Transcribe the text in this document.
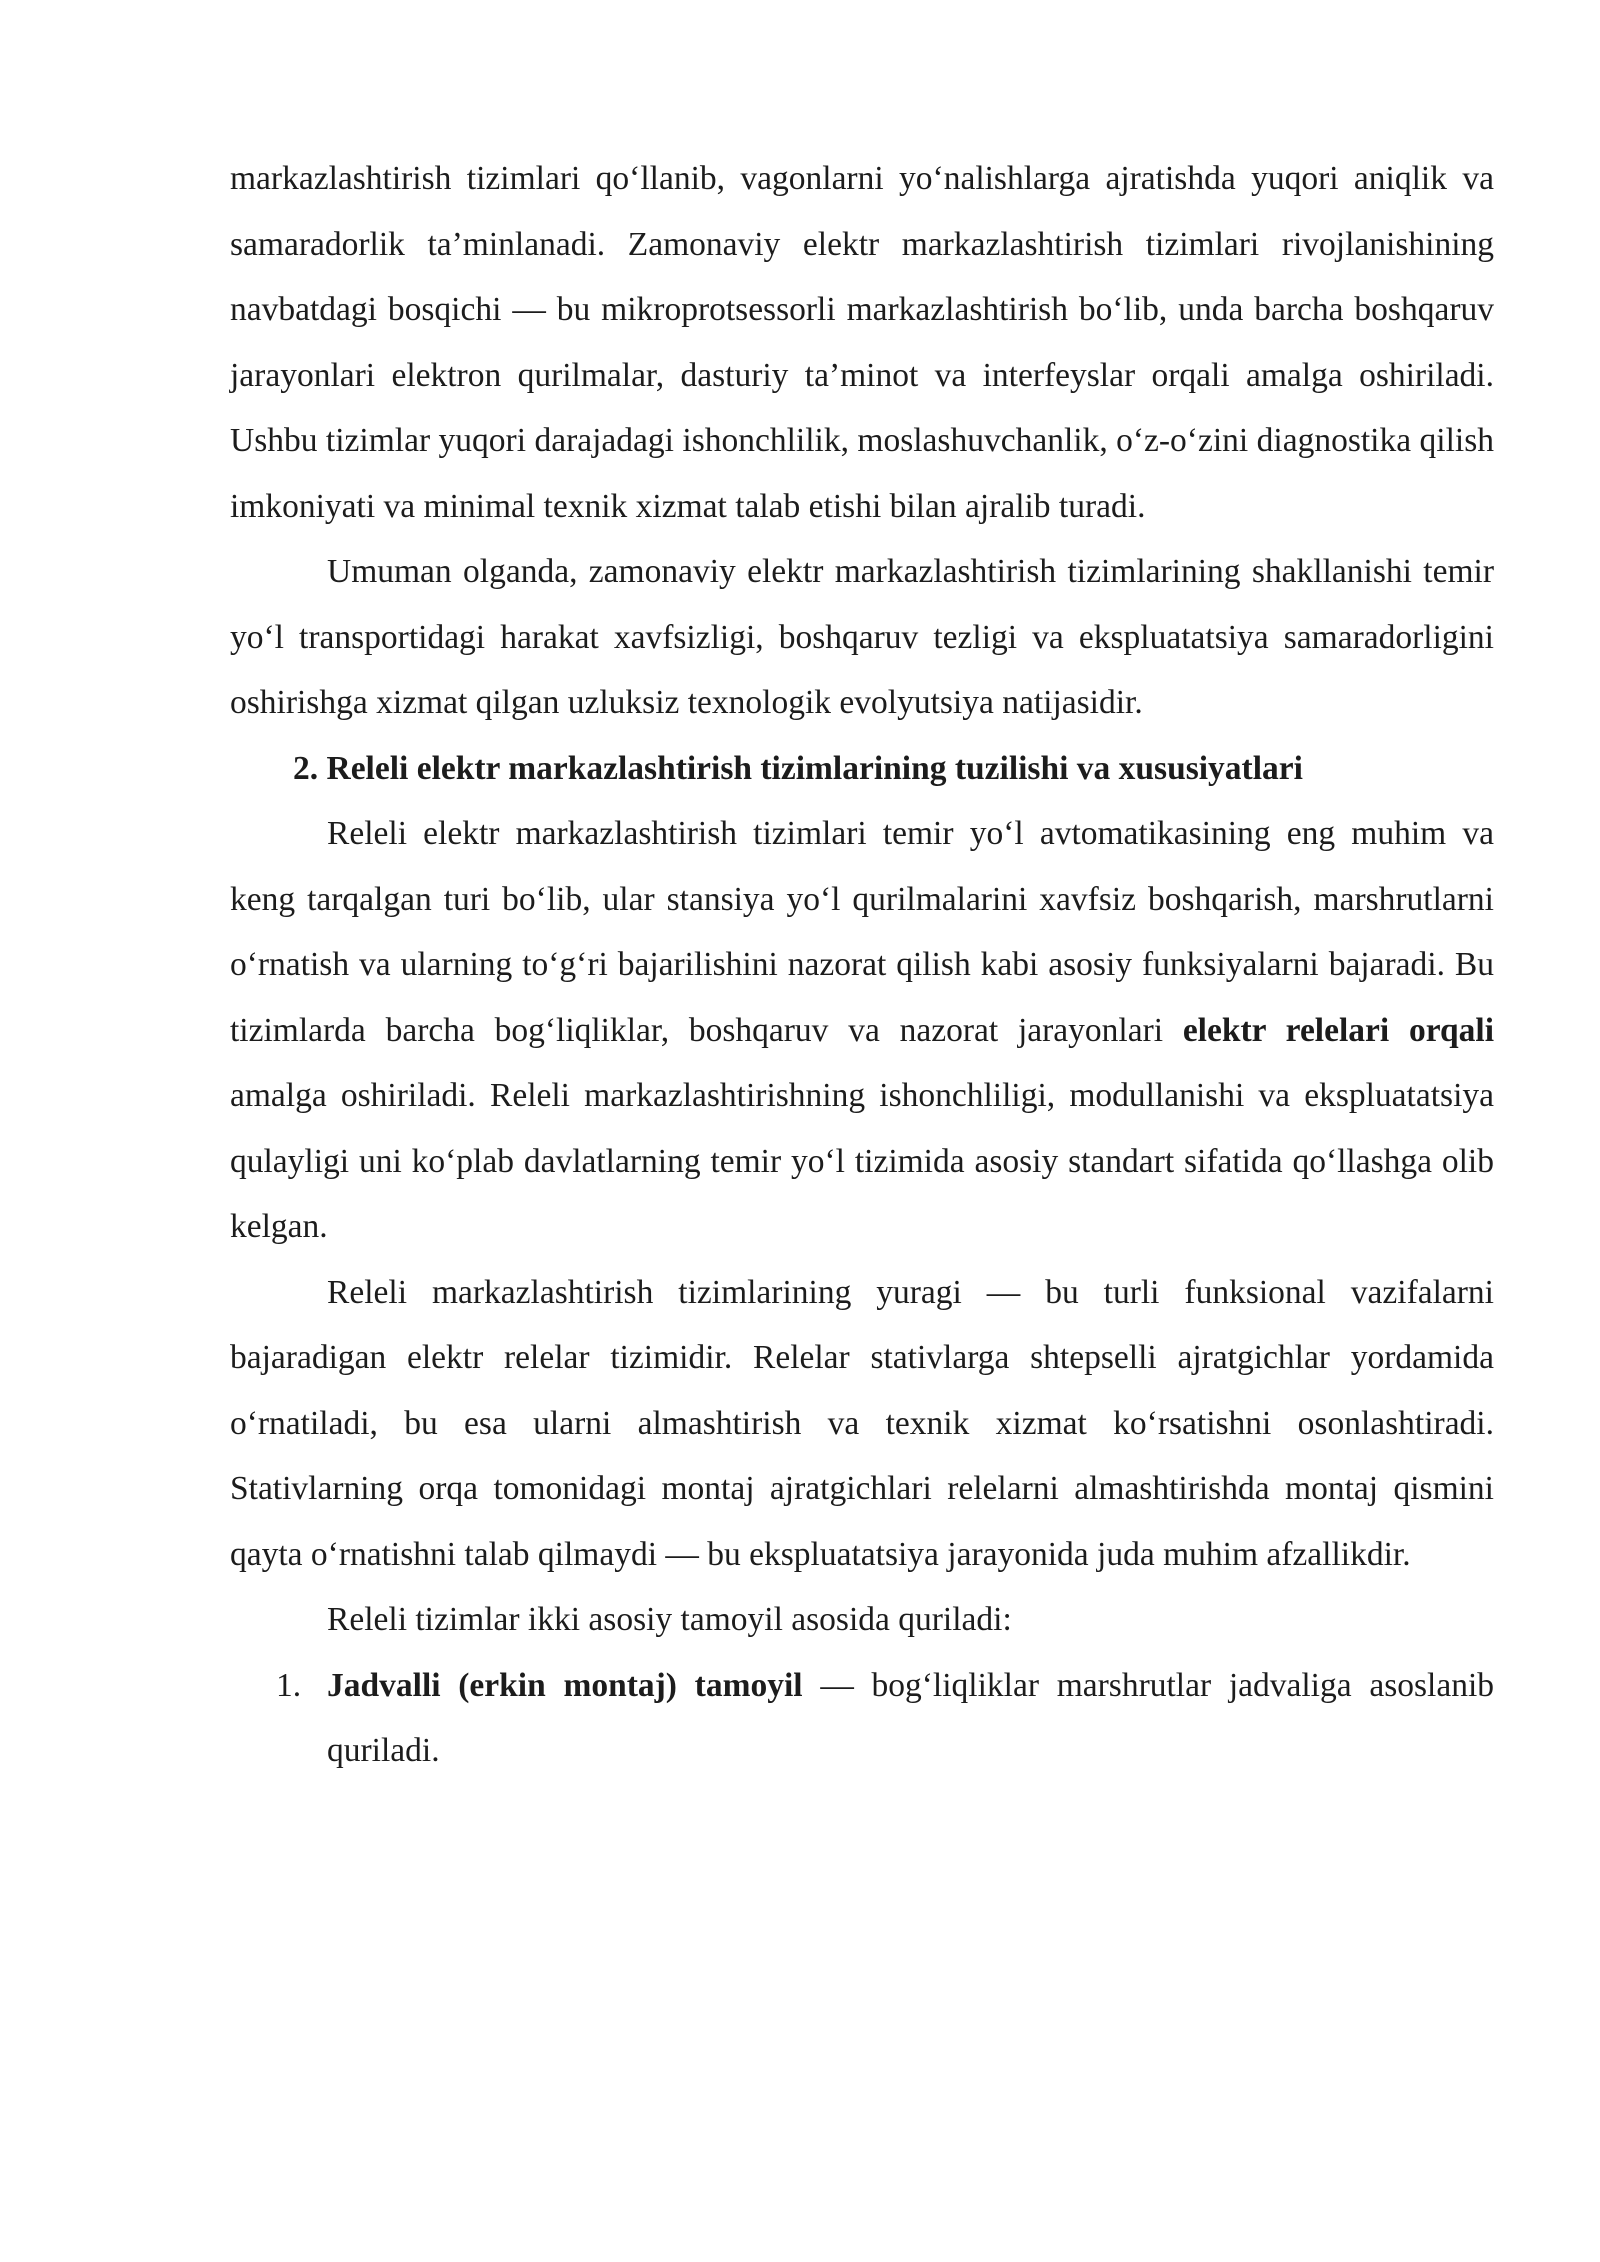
markazlashtirish tizimlari qo‘llanib, vagonlarni yo‘nalishlarga ajratishda yuqori aniqlik va samaradorlik ta’minlanadi. Zamonaviy elektr markazlashtirish tizimlari rivojlanishining navbatdagi bosqichi — bu mikroprotsessorli markazlashtirish bo‘lib, unda barcha boshqaruv jarayonlari elektron qurilmalar, dasturiy ta’minot va interfeyslar orqali amalga oshiriladi. Ushbu tizimlar yuqori darajadagi ishonchlilik, moslashuvchanlik, o‘z-o‘zini diagnostika qilish imkoniyati va minimal texnik xizmat talab etishi bilan ajralib turadi.

Umuman olganda, zamonaviy elektr markazlashtirish tizimlarining shakllanishi temir yo‘l transportidagi harakat xavfsizligi, boshqaruv tezligi va ekspluatatsiya samaradorligini oshirishga xizmat qilgan uzluksiz texnologik evolyutsiya natijasidir.

2. Releli elektr markazlashtirish tizimlarining tuzilishi va xususiyatlari

Releli elektr markazlashtirish tizimlari temir yo‘l avtomatikasining eng muhim va keng tarqalgan turi bo‘lib, ular stansiya yo‘l qurilmalarini xavfsiz boshqarish, marshrutlarni o‘rnatish va ularning to‘g‘ri bajarilishini nazorat qilish kabi asosiy funksiyalarni bajaradi. Bu tizimlarda barcha bog‘liqliklar, boshqaruv va nazorat jarayonlari elektr relelari orqali amalga oshiriladi. Releli markazlashtirishning ishonchliligi, modullanishi va ekspluatatsiya qulayligi uni ko‘plab davlatlarning temir yo‘l tizimida asosiy standart sifatida qo‘llashga olib kelgan.

Releli markazlashtirish tizimlarining yuragi — bu turli funksional vazifalarni bajaradigan elektr relelar tizimidir. Relelar stativlarga shtepselli ajratgichlar yordamida o‘rnatiladi, bu esa ularni almashtirish va texnik xizmat ko‘rsatishni osonlashtiradi. Stativlarning orqa tomonidagi montaj ajratgichlari relelarni almashtirishda montaj qismini qayta o‘rnatishni talab qilmaydi — bu ekspluatatsiya jarayonida juda muhim afzallikdir.

Releli tizimlar ikki asosiy tamoyil asosida quriladi:

1. Jadvalli (erkin montaj) tamoyil — bog‘liqliklar marshrutlar jadvaliga asoslanib quriladi.
